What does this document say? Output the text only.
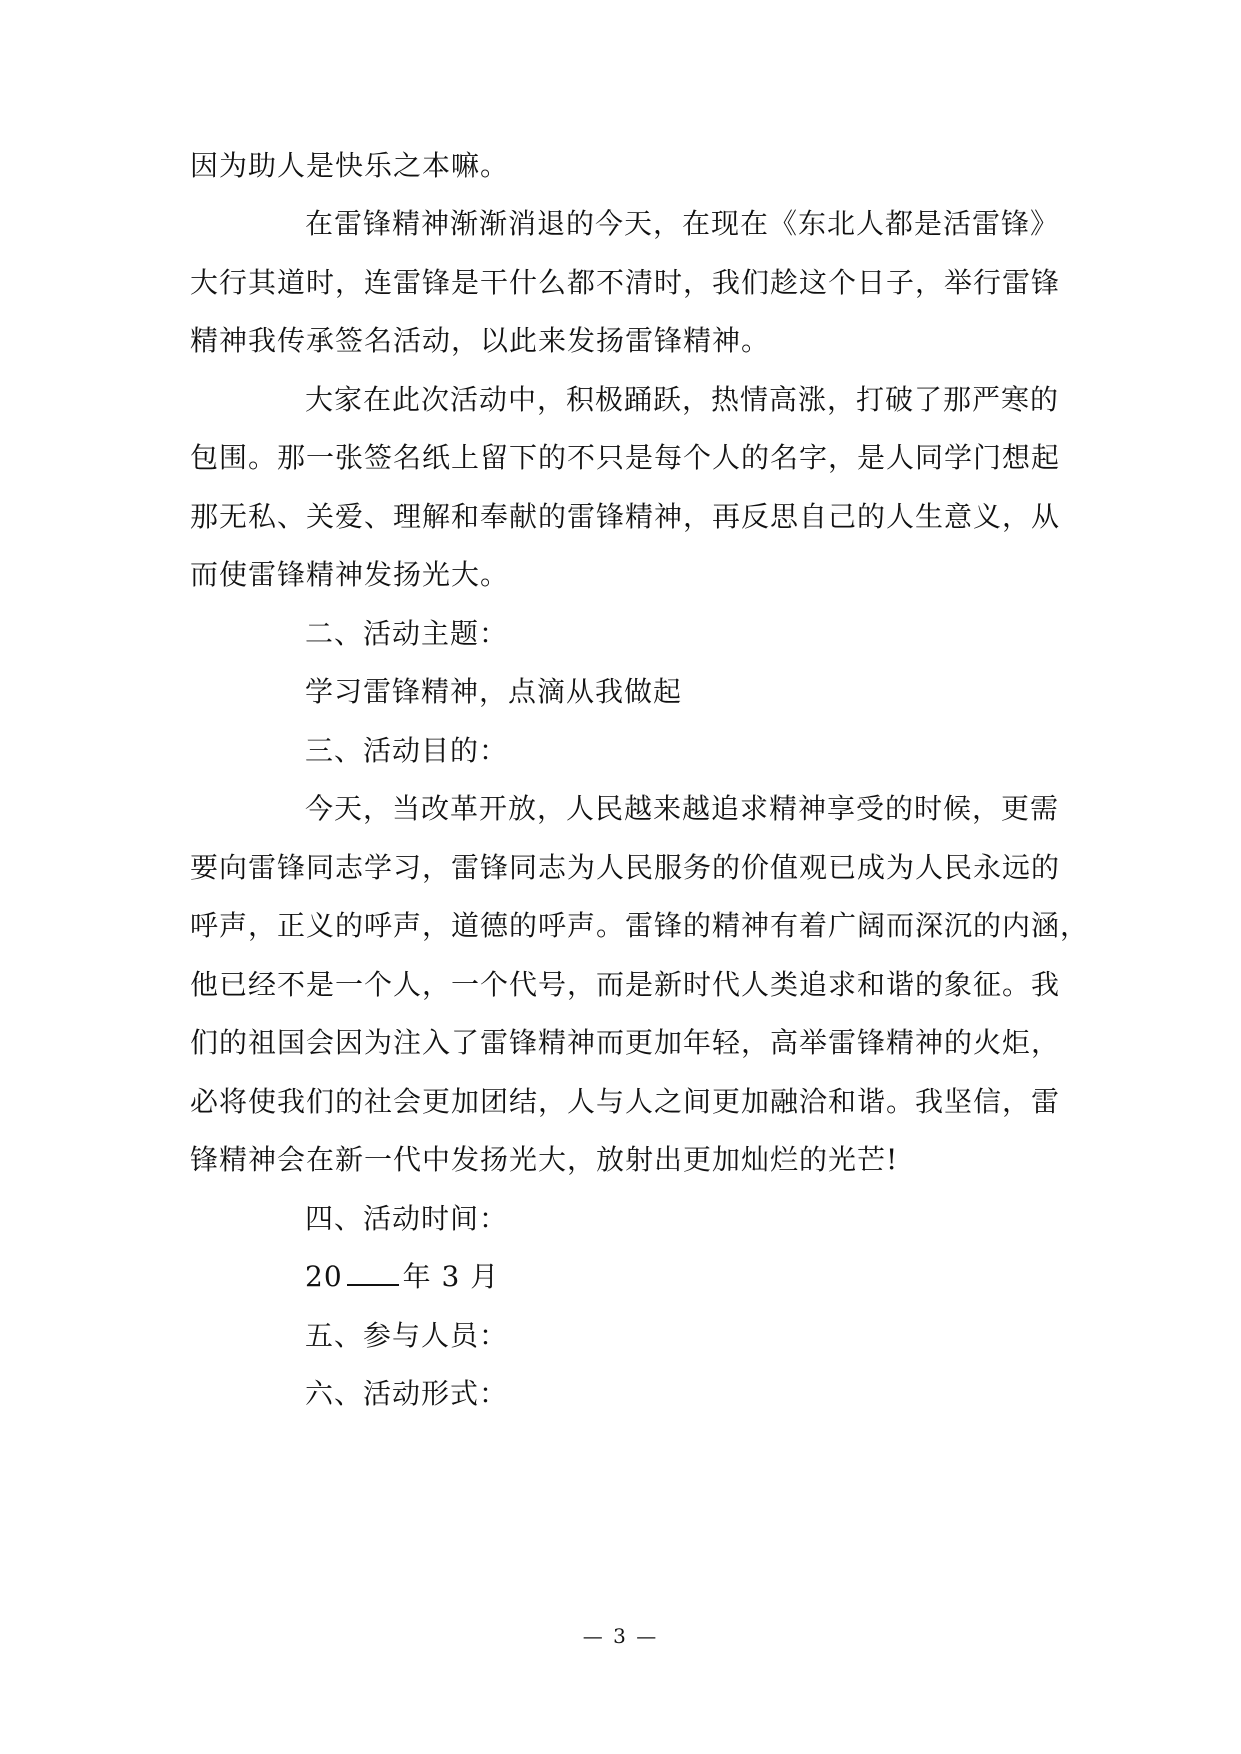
因为助人是快乐之本嘛。
在雷锋精神渐渐消退的今天，在现在《东北人都是活雷锋》
大行其道时，连雷锋是干什么都不清时，我们趁这个日子，举行雷锋
精神我传承签名活动，以此来发扬雷锋精神。
大家在此次活动中，积极踊跃，热情高涨，打破了那严寒的
包围。那一张签名纸上留下的不只是每个人的名字，是人同学门想起
那无私、关爱、理解和奉献的雷锋精神，再反思自己的人生意义，从
而使雷锋精神发扬光大。
二、活动主题：
学习雷锋精神，点滴从我做起
三、活动目的：
今天，当改革开放，人民越来越追求精神享受的时候，更需
要向雷锋同志学习，雷锋同志为人民服务的价值观已成为人民永远的
呼声，正义的呼声，道德的呼声。雷锋的精神有着广阔而深沉的内涵，
他已经不是一个人，一个代号，而是新时代人类追求和谐的象征。我
们的祖国会因为注入了雷锋精神而更加年轻，高举雷锋精神的火炬，
必将使我们的社会更加团结，人与人之间更加融洽和谐。我坚信，雷
锋精神会在新一代中发扬光大，放射出更加灿烂的光芒!
四、活动时间：
20 年 3 月
五、参与人员：
六、活动形式：
— 3 —
